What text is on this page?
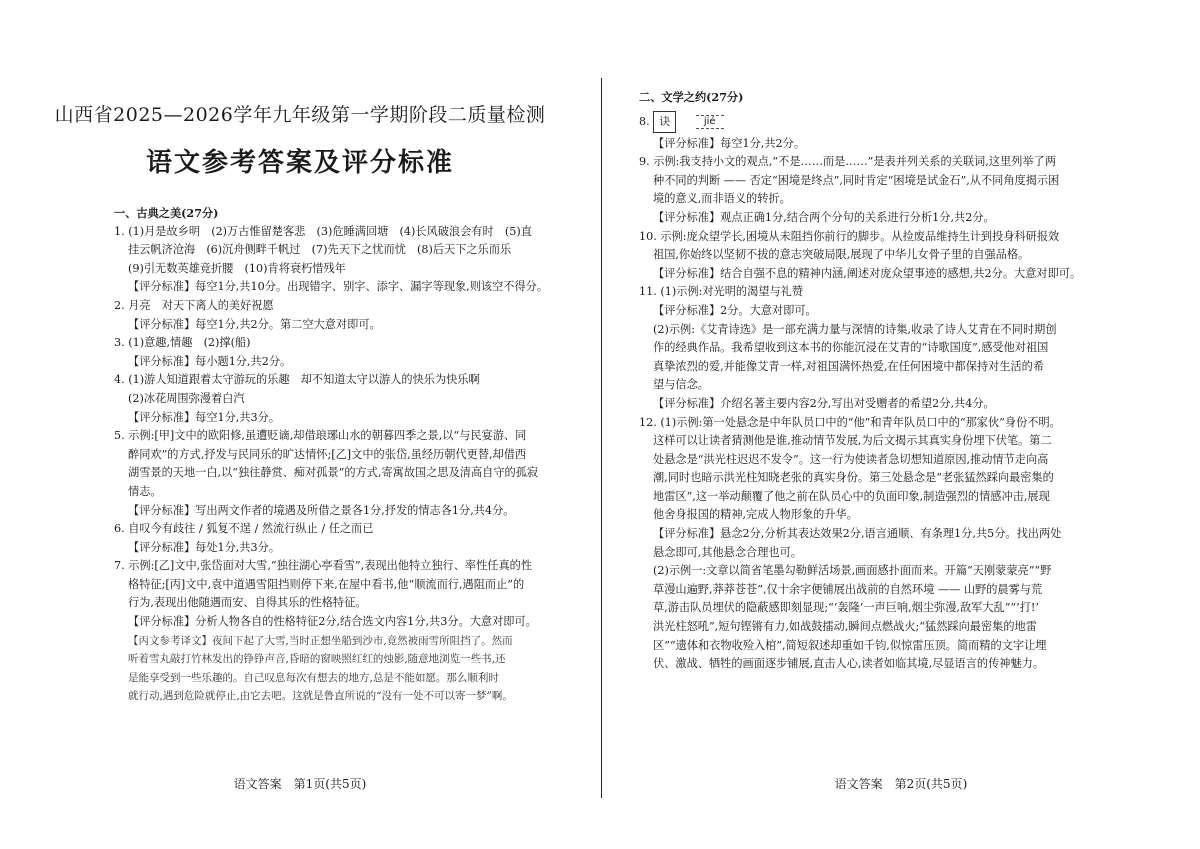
山西省2025—2026学年九年级第一学期阶段二质量检测
语文参考答案及评分标准

一、古典之美(27分)

1. (1)月是故乡明　(2)万古惟留楚客悲　(3)危睡满回塘　(4)长风破浪会有时　(5)直

挂云帆济沧海　(6)沉舟侧畔千帆过　(7)先天下之忧而忧　(8)后天下之乐而乐

(9)引无数英雄竞折腰　(10)肯将衰朽惜残年

【评分标准】每空1分,共10分。出现错字、别字、添字、漏字等现象,则该空不得分。

2. 月亮　对天下离人的美好祝愿

【评分标准】每空1分,共2分。第二空大意对即可。

3. (1)意趣,情趣　(2)撑(船)

【评分标准】每小题1分,共2分。

4. (1)游人知道跟着太守游玩的乐趣　却不知道太守以游人的快乐为快乐啊

(2)冰花周围弥漫着白汽

【评分标准】每空1分,共3分。

5. 示例:[甲]文中的欧阳修,虽遭贬谪,却借琅琊山水的朝暮四季之景,以“与民宴游、同

醉同欢”的方式,抒发与民同乐的旷达情怀;[乙]文中的张岱,虽经历朝代更替,却借西

湖雪景的天地一白,以“独往静赏、痴对孤景”的方式,寄寓故国之思及清高自守的孤寂

情志。

【评分标准】写出两文作者的境遇及所借之景各1分,抒发的情志各1分,共4分。

6. 自叹今有歧往 / 狐复不逞 / 然流行纵止 / 任之而已

【评分标准】每处1分,共3分。

7. 示例:[乙]文中,张岱面对大雪,“独往湖心亭看雪”,表现出他特立独行、率性任真的性

格特征;[丙]文中,袁中道遇雪阻挡则停下来,在屋中看书,他“顺流而行,遇阻而止”的

行为,表现出他随遇而安、自得其乐的性格特征。

【评分标准】分析人物各自的性格特征2分,结合选文内容1分,共3分。大意对即可。

【丙文参考译文】夜间下起了大雪,当时正想坐船到沙市,竟然被雨雪所阻挡了。然而

听着雪丸敲打竹林发出的铮铮声音,昏暗的窗映照红红的烛影,随意地浏览一些书,还

是能享受到一些乐趣的。自己叹息每次有想去的地方,总是不能如愿。那么顺利时

就行动,遇到危险就停止,由它去吧。这就是鲁直所说的“没有一处不可以寄一梦”啊。

语文答案　第1页(共5页)

二、文学之约(27分)

8. 诀	jié

【评分标准】每空1分,共2分。

9. 示例:我支持小文的观点,“不是……而是……”是表并列关系的关联词,这里列举了两

种不同的判断 —— 否定“困境是终点”,同时肯定“困境是试金石”,从不同角度揭示困

境的意义,而非语义的转折。

【评分标准】观点正确1分,结合两个分句的关系进行分析1分,共2分。

10. 示例:庞众望学长,困境从未阻挡你前行的脚步。从捡废品维持生计到投身科研报效

祖国,你始终以坚韧不拔的意志突破局限,展现了中华儿女骨子里的自强品格。

【评分标准】结合自强不息的精神内涵,阐述对庞众望事迹的感想,共2分。大意对即可。

11. (1)示例:对光明的渴望与礼赞

【评分标准】2分。大意对即可。

(2)示例:《艾青诗选》是一部充满力量与深情的诗集,收录了诗人艾青在不同时期创

作的经典作品。我希望收到这本书的你能沉浸在艾青的“诗歌国度”,感受他对祖国

真挚浓烈的爱,并能像艾青一样,对祖国满怀热爱,在任何困境中都保持对生活的希

望与信念。

【评分标准】介绍名著主要内容2分,写出对受赠者的希望2分,共4分。

12. (1)示例:第一处悬念是中年队员口中的“他”和青年队员口中的“那家伙”身份不明。

这样可以让读者猜测他是谁,推动情节发展,为后文揭示其真实身份埋下伏笔。第二

处悬念是“洪光柱迟迟不发令”。这一行为使读者急切想知道原因,推动情节走向高

潮,同时也暗示洪光柱知晓老张的真实身份。第三处悬念是“老张猛然踩向最密集的

地雷区”,这一举动颠覆了他之前在队员心中的负面印象,制造强烈的情感冲击,展现

他舍身报国的精神,完成人物形象的升华。

【评分标准】悬念2分,分析其表达效果2分,语言通顺、有条理1分,共5分。找出两处

悬念即可,其他悬念合理也可。

(2)示例一:文章以简省笔墨勾勒鲜活场景,画面感扑面而来。开篇“天刚蒙蒙亮”“野

草漫山遍野,莽莽苍苍”,仅十余字便铺展出战前的自然环境 —— 山野的晨雾与荒

草,游击队员埋伏的隐蔽感即刻显现;“‘轰隆’一声巨响,烟尘弥漫,敌军大乱”“‘打!’

洪光柱怒吼”,短句铿锵有力,如战鼓擂动,瞬间点燃战火;“猛然踩向最密集的地雷

区”“遗体和衣物收殓入棺”,简短叙述却重如千钧,似惊雷压顶。简而精的文字让埋

伏、激战、牺牲的画面逐步铺展,直击人心,读者如临其境,尽显语言的传神魅力。

语文答案　第2页(共5页)
